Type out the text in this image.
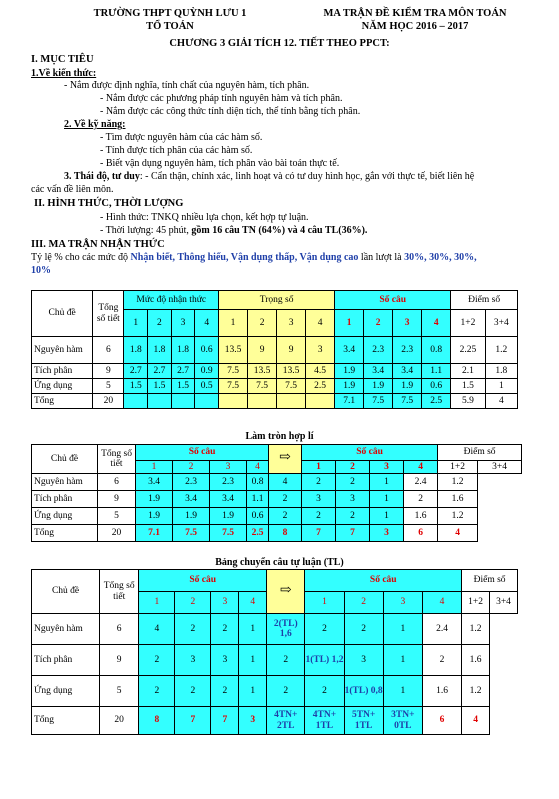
TRƯỜNG THPT QUỲNH LƯU 1
TỔ TOÁN
MA TRẬN ĐỀ KIỂM TRA MÔN TOÁN
NĂM HỌC 2016 – 2017
CHƯƠNG 3 GIẢI TÍCH 12. TIẾT THEO PPCT:
I. MỤC TIÊU
1.Về kiến thức:
- Nắm được định nghĩa, tính chất của nguyên hàm, tích phân.
- Nắm được các phương pháp tính nguyên hàm và tích phân.
- Nắm được các công thức tính diện tích, thể tính bằng tích phân.
2. Về kỹ năng:
- Tìm được nguyên hàm của các hàm số.
- Tính được tích phân của các hàm số.
- Biết vận dụng nguyên hàm, tích phân vào bài toán thực tế.
3. Thái độ, tư duy: - Cẩn thận, chính xác, linh hoạt và có tư duy hình học, gắn với thực tế, biết liên hệ
các vấn đề liên môn.
II. HÌNH THỨC, THỜI LƯỢNG
- Hình thức: TNKQ nhiều lựa chọn, kết hợp tự luận.
- Thời lượng: 45 phút, gồm 16 câu TN (64%) và 4 câu TL(36%).
III. MA TRẬN NHẬN THỨC
Tỷ lệ % cho các mức độ Nhận biết, Thông hiểu, Vận dụng thấp, Vận dụng cao lần lượt là 30%, 30%, 30%,
10%
Chủ đề	Tổng số tiết	Mức độ nhận thức				Trọng số				Số câu				Điểm số	
		1	2	3	4	1	2	3	4	1	2	3	4	1+2	3+4
Nguyên hàm	6	1.8	1.8	1.8	0.6	13.5	9	9	3	3.4	2.3	2.3	0.8	2.25	1.2
Tích phân	9	2.7	2.7	2.7	0.9	7.5	13.5	13.5	4.5	1.9	3.4	3.4	1.1	2.1	1.8
Ứng dụng	5	1.5	1.5	1.5	0.5	7.5	7.5	7.5	2.5	1.9	1.9	1.9	0.6	1.5	1
Tổng	20									7.1	7.5	7.5	2.5	5.9	4
Làm tròn hợp lí
Chủ đề	Tổng số tiết	Số câu				⇨	Số câu				Điểm số	
		1	2	3	4		1	2	3	4	1+2	3+4
Nguyên hàm	6	3.4	2.3	2.3	0.8	4	2	2	1	2.4	1.2	
Tích phân	9	1.9	3.4	3.4	1.1	2	3	3	1	2	1.6	
Ứng dụng	5	1.9	1.9	1.9	0.6	2	2	2	1	1.6	1.2	
Tổng	20	7.1	7.5	7.5	2.5	8	7	7	3	6	4	
Bảng chuyển câu tự luận (TL)
Chủ đề	Tổng số tiết	Số câu				⇨	Số câu				Điểm số	
		1	2	3	4		1	2	3	4	1+2	3+4
Nguyên hàm	6	4	2	2	1	2(TL) 1,6	2	2	1	2.4	1.2	
Tích phân	9	2	3	3	1	2	1(TL) 1,2	3	1	2	1.6	
Ứng dụng	5	2	2	2	1	2	2	1(TL) 0,8	1	1.6	1.2	
Tổng	20	8	7	7	3	4TN+ 2TL	4TN+ 1TL	5TN+ 1TL	3TN+ 0TL	6	4	
